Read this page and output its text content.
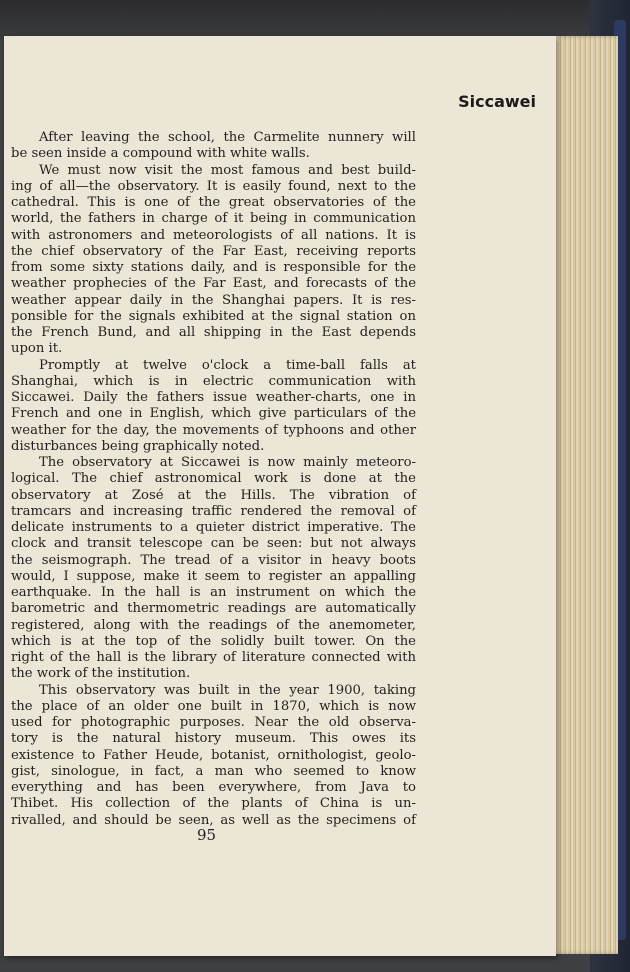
Siccawei
After leaving the school, the Carmelite nunnery will
be seen inside a compound with white walls.
We must now visit the most famous and best build-
ing of all—the observatory. It is easily found, next to the
cathedral. This is one of the great observatories of the
world, the fathers in charge of it being in communication
with astronomers and meteorologists of all nations. It is
the chief observatory of the Far East, receiving reports
from some sixty stations daily, and is responsible for the
weather prophecies of the Far East, and forecasts of the
weather appear daily in the Shanghai papers. It is res-
ponsible for the signals exhibited at the signal station on
the French Bund, and all shipping in the East depends
upon it.
Promptly at twelve o'clock a time-ball falls at
Shanghai, which is in electric communication with
Siccawei. Daily the fathers issue weather-charts, one in
French and one in English, which give particulars of the
weather for the day, the movements of typhoons and other
disturbances being graphically noted.
The observatory at Siccawei is now mainly meteoro-
logical. The chief astronomical work is done at the
observatory at Zosé at the Hills. The vibration of
tramcars and increasing traffic rendered the removal of
delicate instruments to a quieter district imperative. The
clock and transit telescope can be seen: but not always
the seismograph. The tread of a visitor in heavy boots
would, I suppose, make it seem to register an appalling
earthquake. In the hall is an instrument on which the
barometric and thermometric readings are automatically
registered, along with the readings of the anemometer,
which is at the top of the solidly built tower. On the
right of the hall is the library of literature connected with
the work of the institution.
This observatory was built in the year 1900, taking
the place of an older one built in 1870, which is now
used for photographic purposes. Near the old observa-
tory is the natural history museum. This owes its
existence to Father Heude, botanist, ornithologist, geolo-
gist, sinologue, in fact, a man who seemed to know
everything and has been everywhere, from Java to
Thibet. His collection of the plants of China is un-
rivalled, and should be seen, as well as the specimens of
95
